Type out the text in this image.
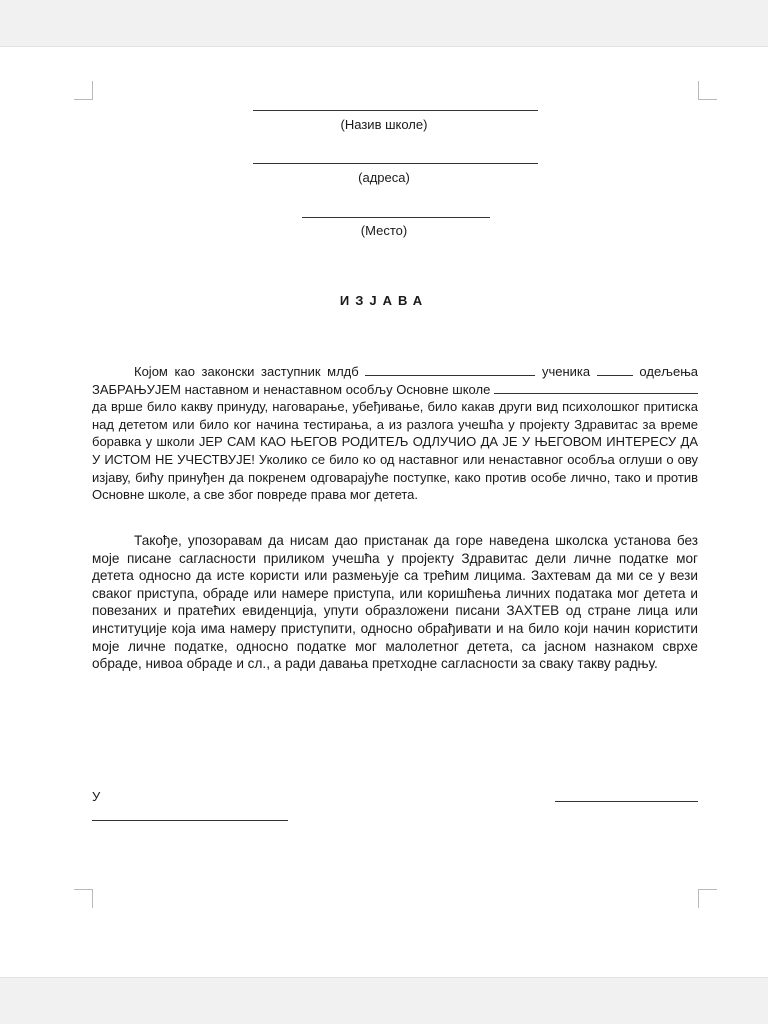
(Назив школе)
(адреса)
(Место)
ИЗЈАВА

Којом као законски заступник млдб	ученика	одељења ЗАБРАЊУЈЕМ наставном и ненаставном особљу Основне школе  да врше било какву принуду, наговарање, убеђивање, било какав други вид психолошког притиска над дететом или било ког начина тестирања, а из разлога учешћа у пројекту Здравитас за време боравка у школи ЈЕР САМ КАО ЊЕГОВ РОДИТЕЉ ОДЛУЧИО ДА ЈЕ У ЊЕГОВОМ ИНТЕРЕСУ ДА У ИСТОМ НЕ УЧЕСТВУЈЕ! Уколико се било ко од наставног или ненаставног особља оглуши о ову изјаву, бићу принуђен да покренем одговарајуће поступке, како против особе лично, тако и против Основне школе, а све због повреде права мог детета.

Такође, упозоравам да нисам дао пристанак да горе наведена школска установа без моје писане сагласности приликом учешћа у пројекту Здравитас дели личне податке мог детета односно да исте користи или размењује са трећим лицима. Захтевам да ми се у вези сваког приступа, обраде или намере приступа, или коришћења личних података мог детета и повезаних и пратећих евиденција, упути образложени писани ЗАХТЕВ од стране лица или институције која има намеру приступити, односно обрађивати и на било који начин користити моје личне податке, односно податке мог малолетног детета, са јасном назнаком сврхе обраде, нивоа обраде и сл., а ради давања претходне сагласности за сваку такву радњу.

У
